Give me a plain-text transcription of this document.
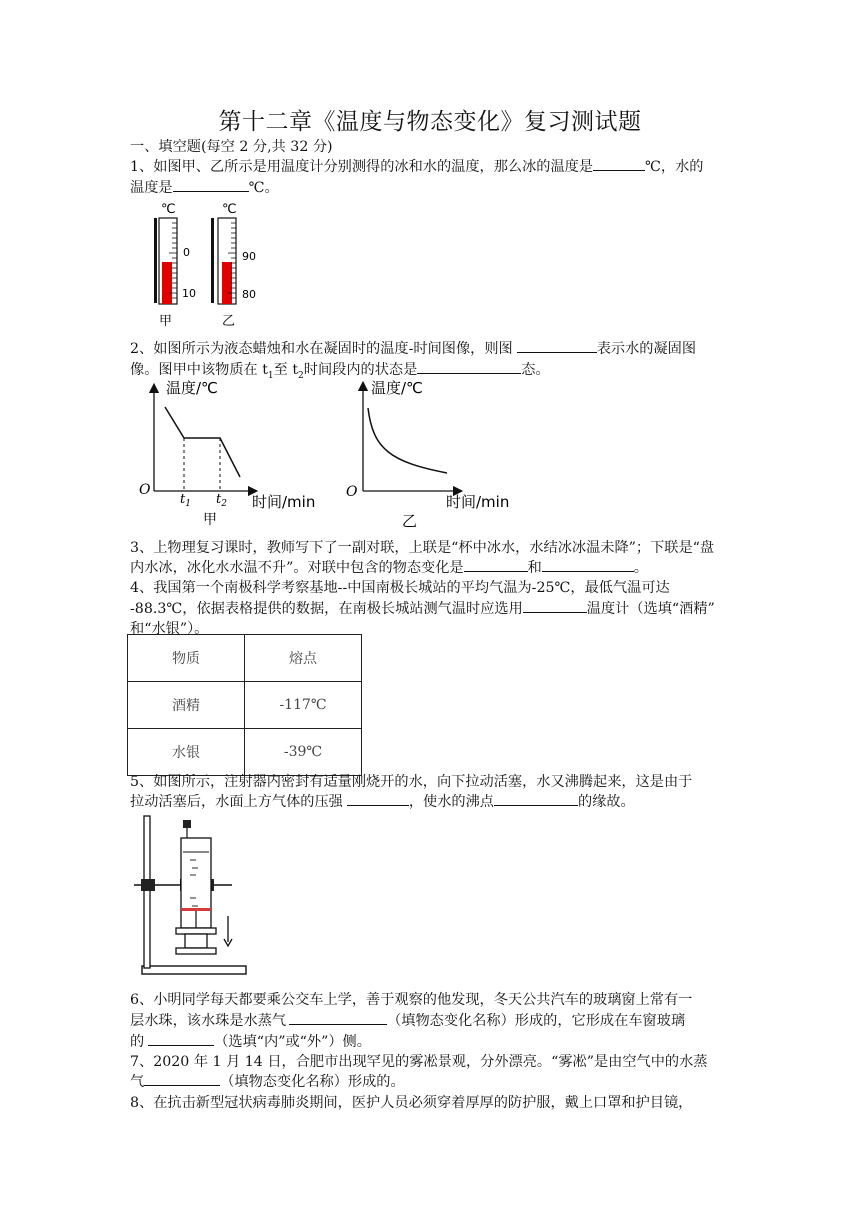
第十二章《温度与物态变化》复习测试题
一、填空题(每空 2 分,共 32 分)
1、如图甲、乙所示是用温度计分别测得的冰和水的温度，那么冰的温度是	℃，水的
温度是	℃。
℃
0
10
甲
℃
90
80
乙
2、如图所示为液态蜡烛和水在凝固时的温度-时间图像，则图	表示水的凝固图
像。图甲中该物质在 $t_1$至 $t_2$时间段内的状态是	态。
温度/℃
O
$t_1$ $t_2$ 时间/min
甲
温度/℃
O
时间/min
乙
3、上物理复习课时，教师写下了一副对联，上联是“杯中冰水，水结冰冰温未降”；下联是“盘
内水冰，冰化水水温不升”。对联中包含的物态变化是	和	。
4、我国第一个南极科学考察基地--中国南极长城站的平均气温为-25℃，最低气温可达
-88.3℃，依据表格提供的数据，在南极长城站测气温时应选用	温度计（选填“酒精”
和“水银”）。
物质	熔点
酒精	-117℃
水银	-39℃
5、如图所示，注射器内密封有适量刚烧开的水，向下拉动活塞，水又沸腾起来，这是由于
拉动活塞后，水面上方气体的压强	，使水的沸点	的缘故。
6、小明同学每天都要乘公交车上学，善于观察的他发现，冬天公共汽车的玻璃窗上常有一
层水珠，该水珠是水蒸气	（填物态变化名称）形成的，它形成在车窗玻璃
的	（选填“内”或“外”）侧。
7、2020 年 1 月 14 日，合肥市出现罕见的雾凇景观，分外漂亮。“雾凇”是由空气中的水蒸
气	（填物态变化名称）形成的。
8、在抗击新型冠状病毒肺炎期间，医护人员必须穿着厚厚的防护服，戴上口罩和护目镜，
